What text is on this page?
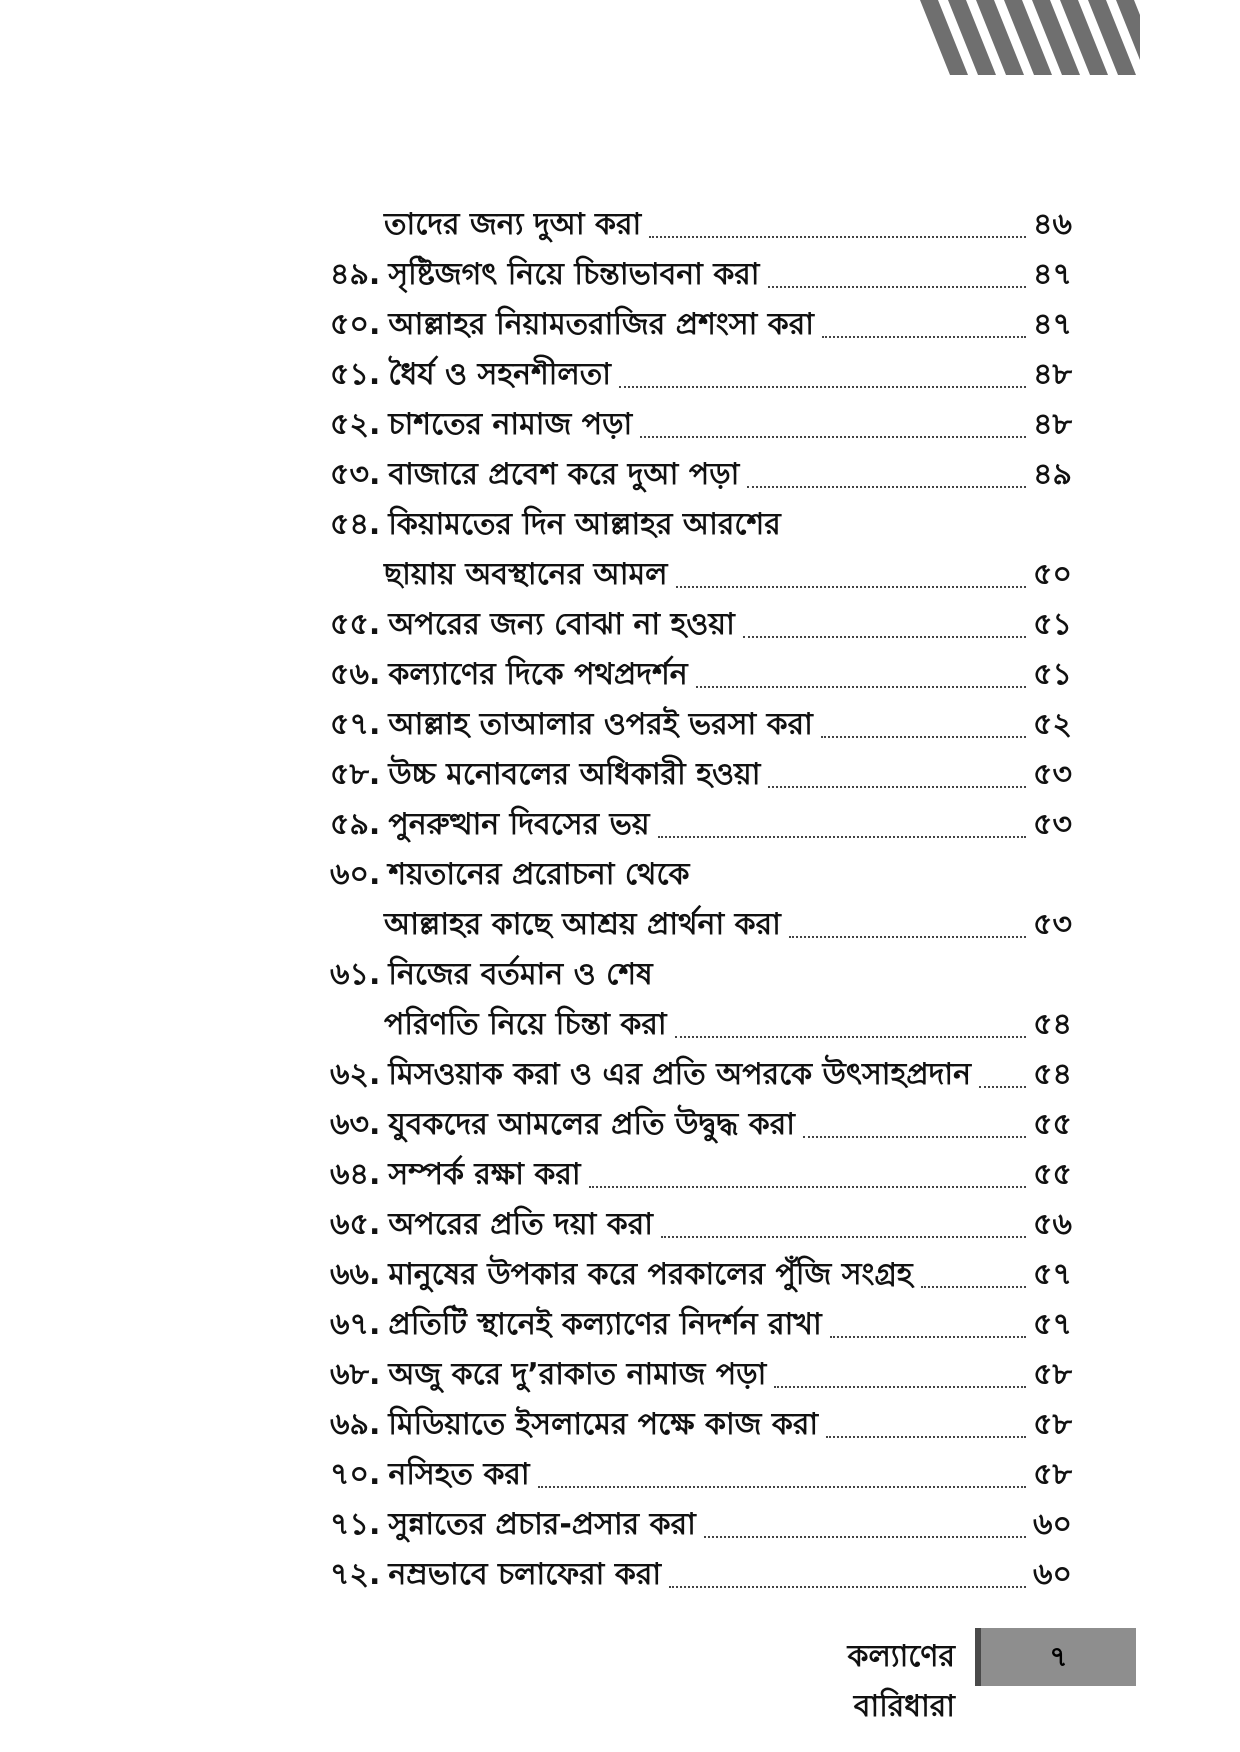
তাদের জন্য দুআ করা	৪৬
৪৯. সৃষ্টিজগৎ নিয়ে চিন্তাভাবনা করা	৪৭
৫০. আল্লাহর নিয়ামতরাজির প্রশংসা করা	৪৭
৫১. ধৈর্য ও সহনশীলতা	৪৮
৫২. চাশতের নামাজ পড়া	৪৮
৫৩. বাজারে প্রবেশ করে দুআ পড়া	৪৯
৫৪. কিয়ামতের দিন আল্লাহর আরশের
ছায়ায় অবস্থানের আমল	৫০
৫৫. অপরের জন্য বোঝা না হওয়া	৫১
৫৬. কল্যাণের দিকে পথপ্রদর্শন	৫১
৫৭. আল্লাহ তাআলার ওপরই ভরসা করা	৫২
৫৮. উচ্চ মনোবলের অধিকারী হওয়া	৫৩
৫৯. পুনরুত্থান দিবসের ভয়	৫৩
৬০. শয়তানের প্ররোচনা থেকে
আল্লাহর কাছে আশ্রয় প্রার্থনা করা	৫৩
৬১. নিজের বর্তমান ও শেষ
পরিণতি নিয়ে চিন্তা করা	৫৪
৬২. মিসওয়াক করা ও এর প্রতি অপরকে উৎসাহপ্রদান ৫৪
৬৩. যুবকদের আমলের প্রতি উদ্বুদ্ধ করা	৫৫
৬৪. সম্পর্ক রক্ষা করা	৫৫
৬৫. অপরের প্রতি দয়া করা	৫৬
৬৬. মানুষের উপকার করে পরকালের পুঁজি সংগ্রহ	৫৭
৬৭. প্রতিটি স্থানেই কল্যাণের নিদর্শন রাখা	৫৭
৬৮. অজু করে দু’রাকাত নামাজ পড়া	৫৮
৬৯. মিডিয়াতে ইসলামের পক্ষে কাজ করা	৫৮
৭০. নসিহত করা	৫৮
৭১. সুন্নাতের প্রচার-প্রসার করা	৬০
৭২. নম্রভাবে চলাফেরা করা	৬০
কল্যাণের বারিধারা
৭
